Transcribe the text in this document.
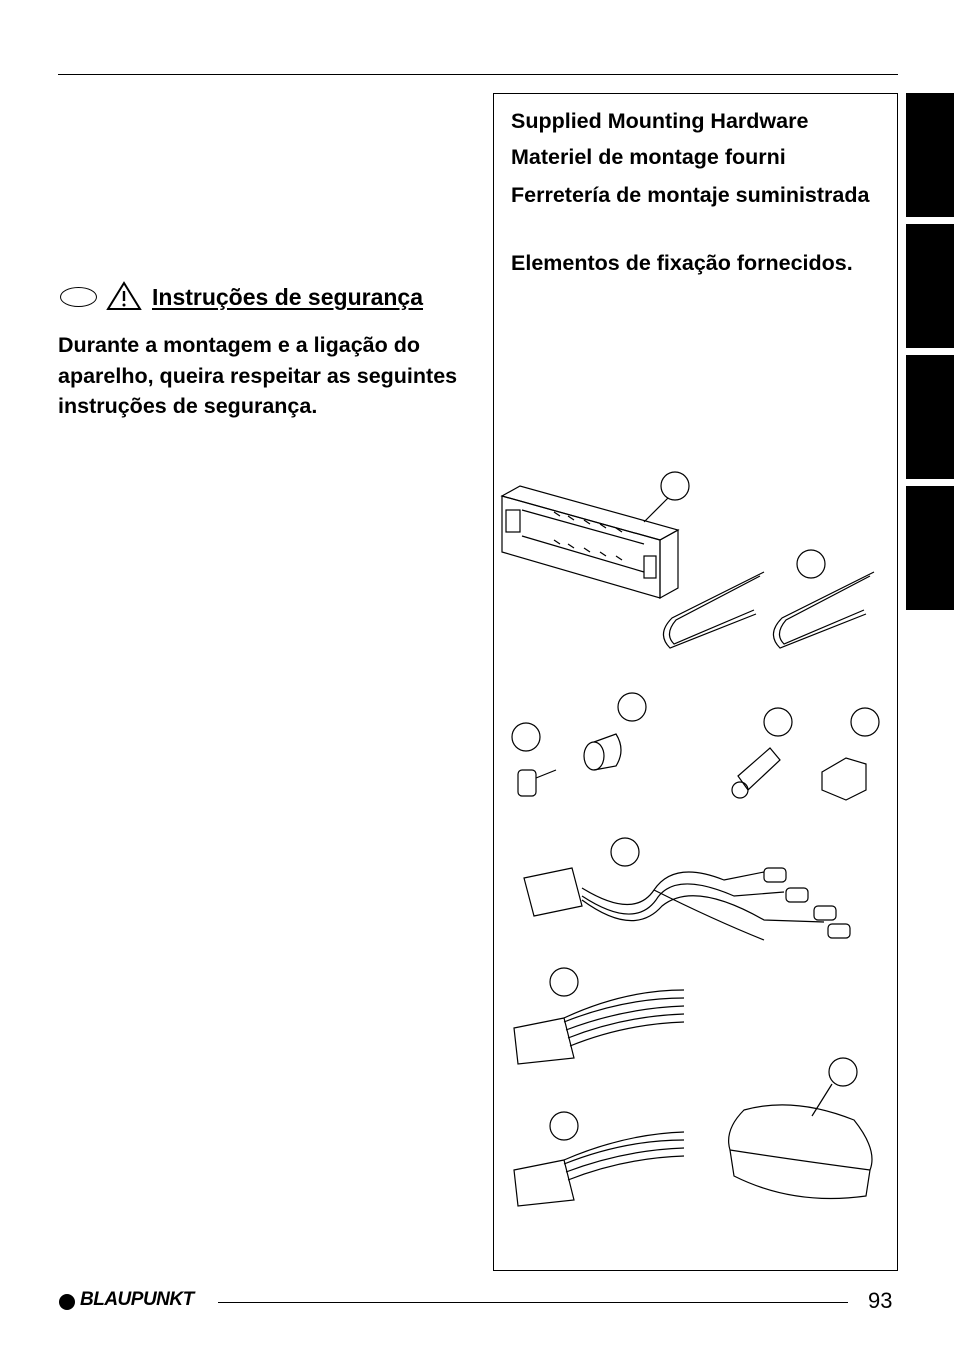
Instruções de segurança
Durante a montagem e a ligação do aparelho, queira respeitar as seguintes instruções de segurança.
Supplied Mounting Hardware
Materiel de montage fourni
Ferretería de montaje suministrada
Elementos de fixação fornecidos.
BLAUPUNKT	93
